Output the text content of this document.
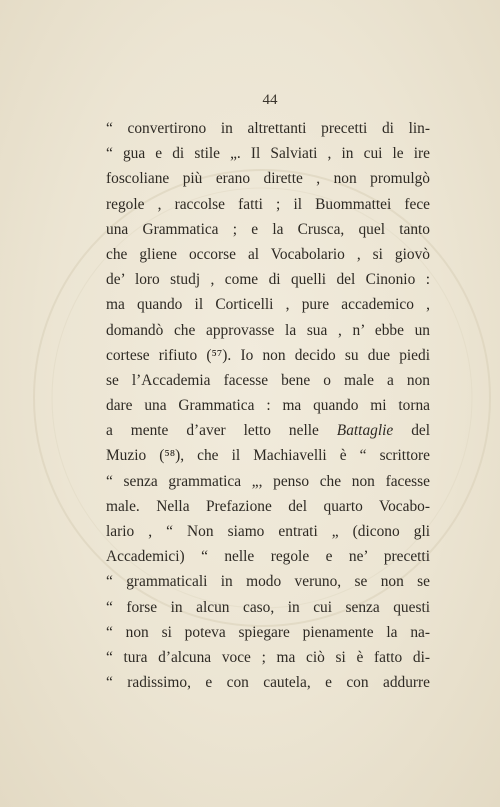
44
“ convertirono in altrettanti precetti di lin-
“ gua e di stile „. Il Salviati , in cui le ire
foscoliane più erano dirette , non promulgò
regole , raccolse fatti ; il Buommattei fece
una Grammatica ; e la Crusca, quel tanto
che gliene occorse al Vocabolario , si giovò
de’ loro studj , come di quelli del Cinonio :
ma quando il Corticelli , pure accademico ,
domandò che approvasse la sua , n’ ebbe un
cortese rifiuto (⁵⁷). Io non decido su due piedi
se l’Accademia facesse bene o male a non
dare una Grammatica : ma quando mi torna
a mente d’aver letto nelle Battaglie del
Muzio (⁵⁸), che il Machiavelli è “ scrittore
“ senza grammatica „, penso che non facesse
male. Nella Prefazione del quarto Vocabo-
lario , “ Non siamo entrati „ (dicono gli
Accademici) “ nelle regole e ne’ precetti
“ grammaticali in modo veruno, se non se
“ forse in alcun caso, in cui senza questi
“ non si poteva spiegare pienamente la na-
“ tura d’alcuna voce ; ma ciò si è fatto di-
“ radissimo, e con cautela, e con addurre
